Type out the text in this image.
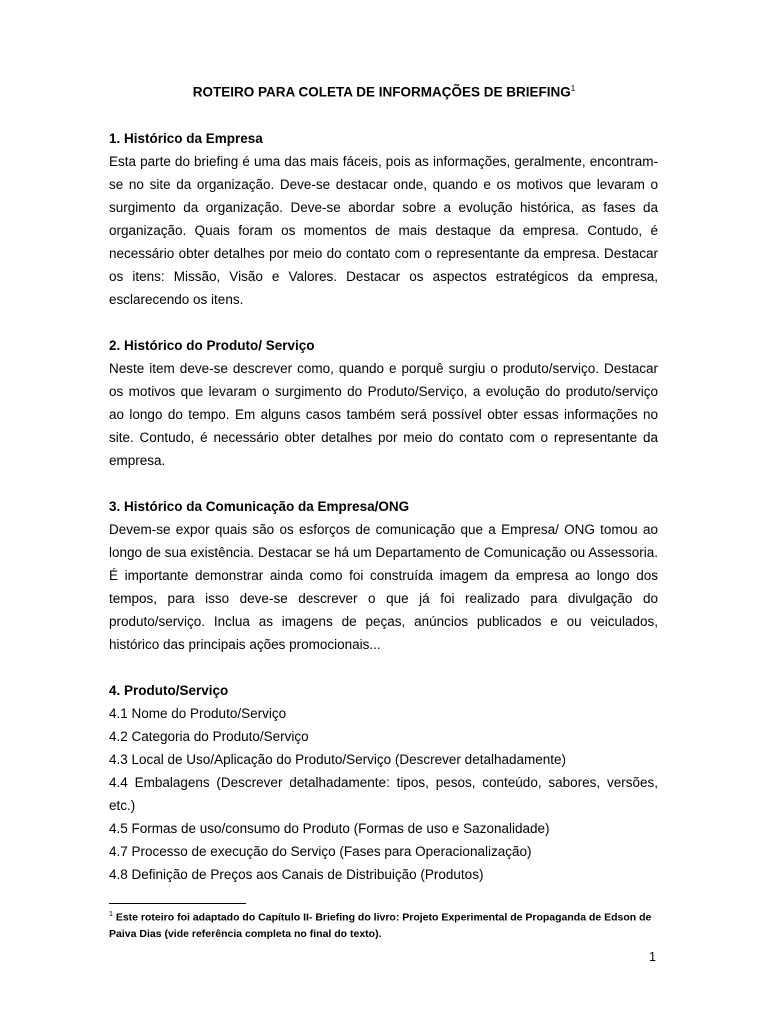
ROTEIRO PARA COLETA DE INFORMAÇÕES DE BRIEFING$^1$
1. Histórico da Empresa
Esta parte do briefing é uma das mais fáceis, pois as informações, geralmente, encontram-se no site da organização. Deve-se destacar onde, quando e os motivos que levaram o surgimento da organização. Deve-se abordar sobre a evolução histórica, as fases da organização. Quais foram os momentos de mais destaque da empresa. Contudo, é necessário obter detalhes por meio do contato com o representante da empresa. Destacar os itens: Missão, Visão e Valores. Destacar os aspectos estratégicos da empresa, esclarecendo os itens.
2. Histórico do Produto/ Serviço
Neste item deve-se descrever como, quando e porquê surgiu o produto/serviço. Destacar os motivos que levaram o surgimento do Produto/Serviço, a evolução do produto/serviço ao longo do tempo. Em alguns casos também será possível obter essas informações no site. Contudo, é necessário obter detalhes por meio do contato com o representante da empresa.
3. Histórico da Comunicação da Empresa/ONG
Devem-se expor quais são os esforços de comunicação que a Empresa/ ONG tomou ao longo de sua existência. Destacar se há um Departamento de Comunicação ou Assessoria. É importante demonstrar ainda como foi construída imagem da empresa ao longo dos tempos, para isso deve-se descrever o que já foi realizado para divulgação do produto/serviço. Inclua as imagens de peças, anúncios publicados e ou veiculados, histórico das principais ações promocionais...
4. Produto/Serviço
4.1 Nome do Produto/Serviço
4.2 Categoria do Produto/Serviço
4.3 Local de Uso/Aplicação do Produto/Serviço (Descrever detalhadamente)
4.4 Embalagens (Descrever detalhadamente: tipos, pesos, conteúdo, sabores, versões, etc.)
4.5 Formas de uso/consumo do Produto (Formas de uso e Sazonalidade)
4.7 Processo de execução do Serviço (Fases para Operacionalização)
4.8 Definição de Preços aos Canais de Distribuição (Produtos)
$^1$ Este roteiro foi adaptado do Capítulo II- Briefing do livro: Projeto Experimental de Propaganda de Edson de Paiva Dias (vide referência completa no final do texto).
1
